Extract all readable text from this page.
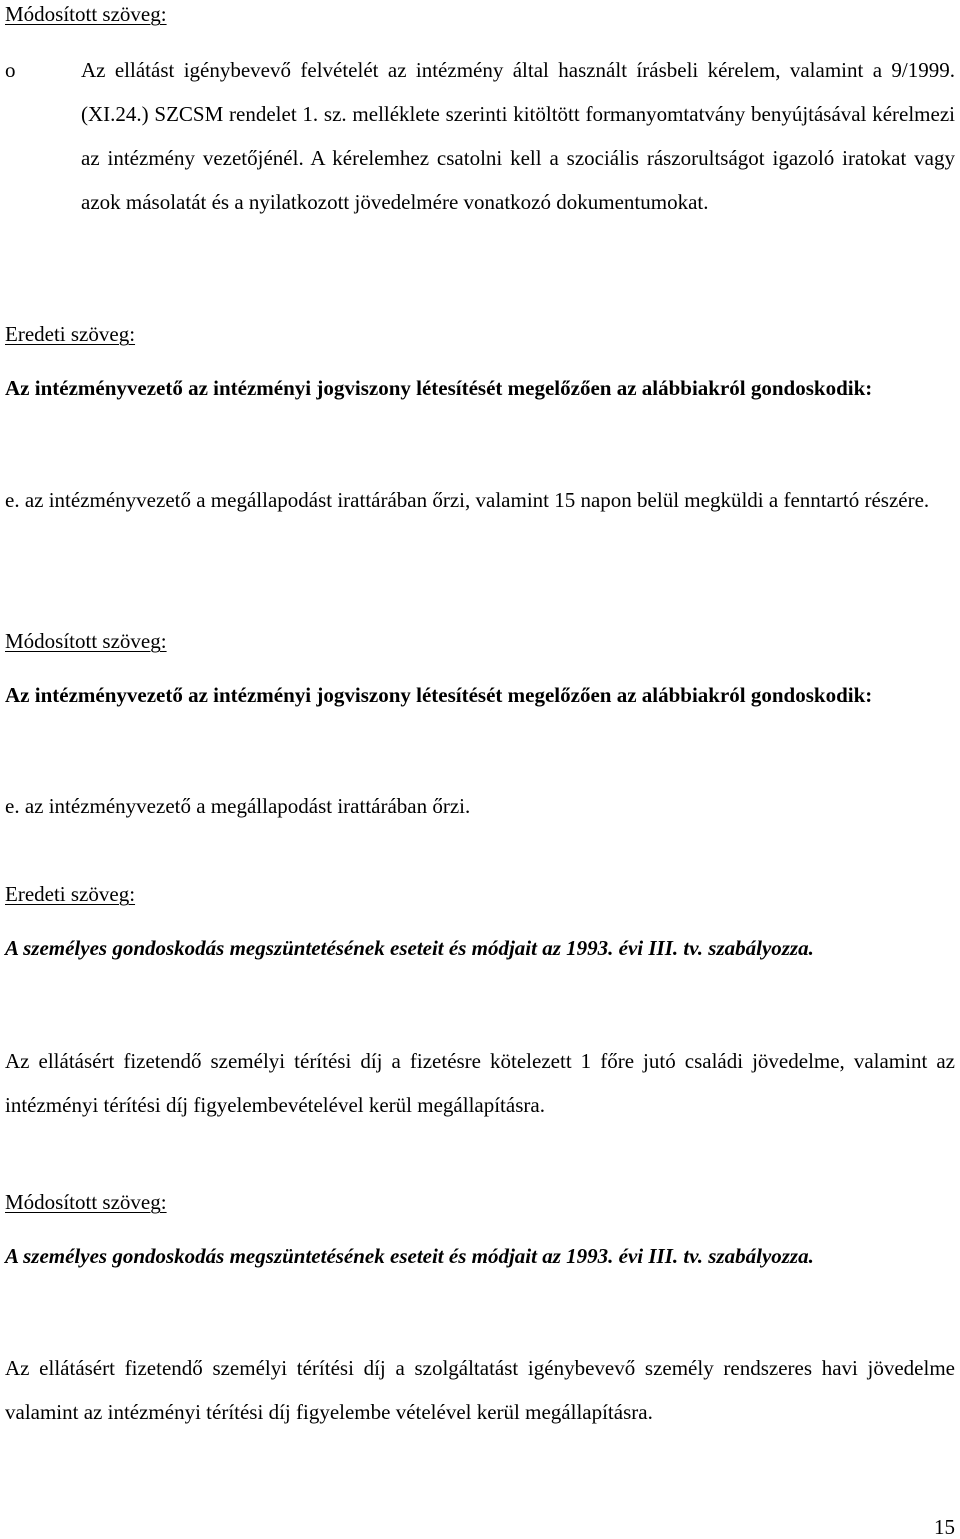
Módosított szöveg:
o	Az ellátást igénybevevő felvételét az intézmény által használt írásbeli kérelem, valamint a 9/1999. (XI.24.) SZCSM rendelet 1. sz. melléklete szerinti kitöltött formanyomtatvány benyújtásával kérelmezi az intézmény vezetőjénél. A kérelemhez csatolni kell a szociális rászorultságot igazoló iratokat vagy azok másolatát és a nyilatkozott jövedelmére vonatkozó dokumentumokat.
Eredeti szöveg:
Az intézményvezető az intézményi jogviszony létesítését megelőzően az alábbiakról gondoskodik:
e. az intézményvezető a megállapodást irattárában őrzi, valamint 15 napon belül megküldi a fenntartó részére.
Módosított szöveg:
Az intézményvezető az intézményi jogviszony létesítését megelőzően az alábbiakról gondoskodik:
e. az intézményvezető a megállapodást irattárában őrzi.
Eredeti szöveg:
A személyes gondoskodás megszüntetésének eseteit és módjait az 1993. évi III. tv. szabályozza.
Az ellátásért fizetendő személyi térítési díj a fizetésre kötelezett 1 főre jutó családi jövedelme, valamint az intézményi térítési díj figyelembevételével kerül megállapításra.
Módosított szöveg:
A személyes gondoskodás megszüntetésének eseteit és módjait az 1993. évi III. tv. szabályozza.
Az ellátásért fizetendő személyi térítési díj a szolgáltatást igénybevevő személy rendszeres havi jövedelme valamint az intézményi térítési díj figyelembe vételével kerül megállapításra.
15
